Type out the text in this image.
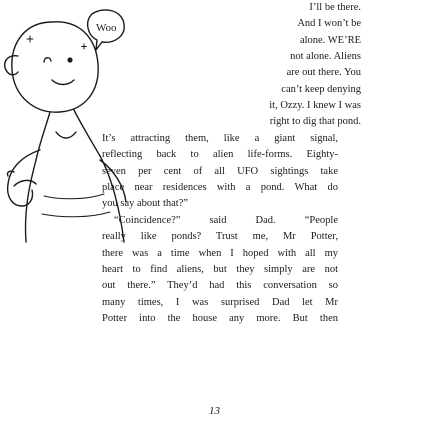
Woo
I’ll be there.
And I won’t be
alone. WE’RE
not alone. Aliens
are out there. You
can’t keep denying
it, Ozzy. I knew I was
right to dig that pond.
It’s attracting them, like a giant signal,
reflecting back to alien life-forms. Eighty-
seven per cent of all UFO sightings take
place near residences with a pond. What do
you say about that?”
“Coincidence?” said Dad. “People
really like ponds? Trust me, Mr Potter,
there was a time when I hoped with all my
heart to find aliens, but they simply are not
out there.” They’d had this conversation so
many times, I was surprised Dad let Mr
Potter into the house any more. But then
13
